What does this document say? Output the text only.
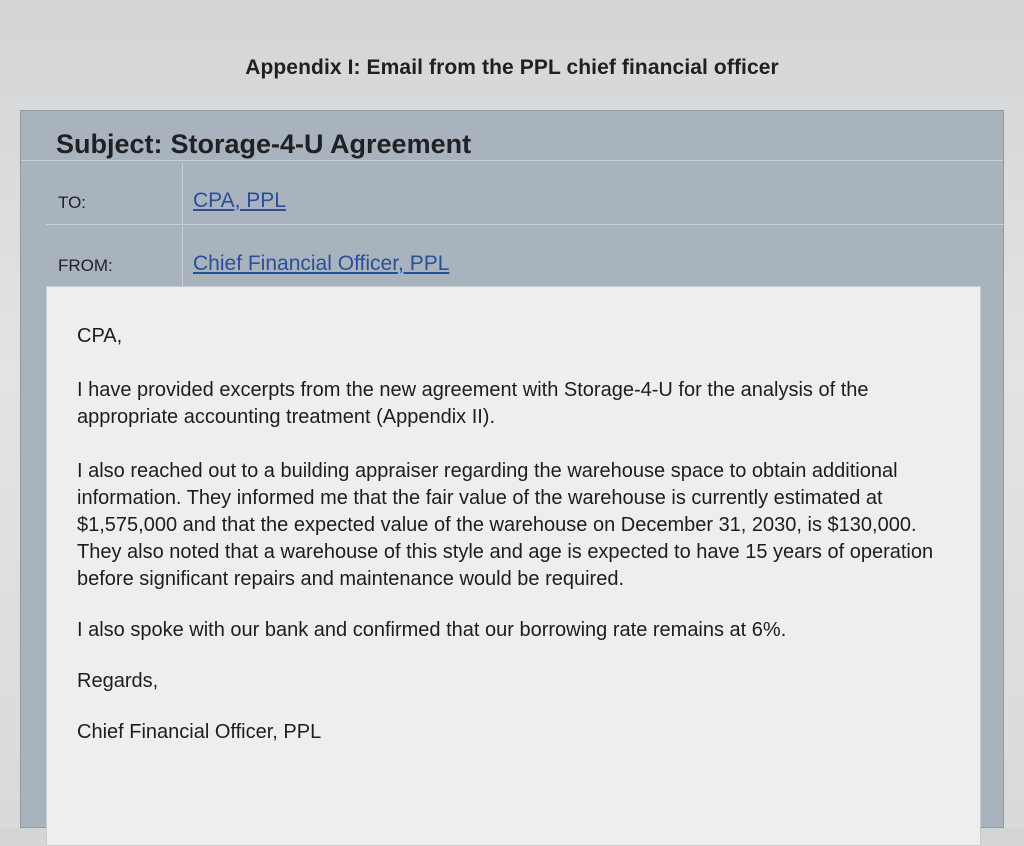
Appendix I: Email from the PPL chief financial officer
Subject: Storage-4-U Agreement
TO:	CPA, PPL
FROM:	Chief Financial Officer, PPL

CPA,

I have provided excerpts from the new agreement with Storage-4-U for the analysis of the appropriate accounting treatment (Appendix II).

I also reached out to a building appraiser regarding the warehouse space to obtain additional information. They informed me that the fair value of the warehouse is currently estimated at $1,575,000 and that the expected value of the warehouse on December 31, 2030, is $130,000. They also noted that a warehouse of this style and age is expected to have 15 years of operation before significant repairs and maintenance would be required.

I also spoke with our bank and confirmed that our borrowing rate remains at 6%.

Regards,

Chief Financial Officer, PPL
